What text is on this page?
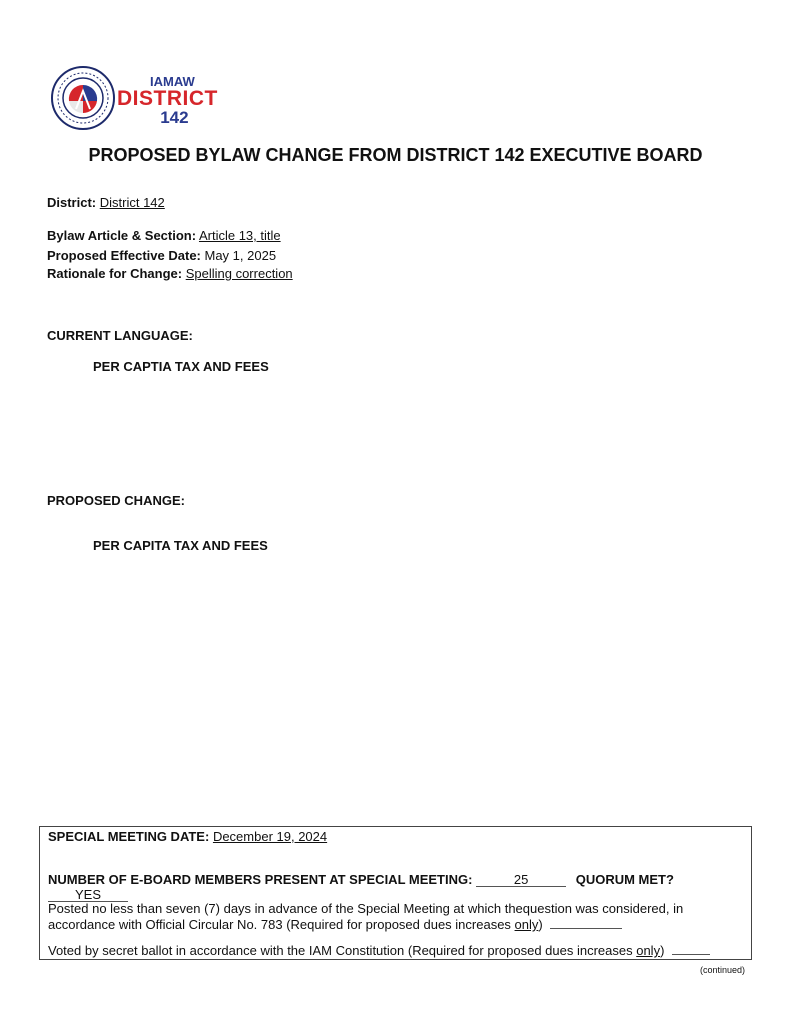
IAMAW
DISTRICT
142
PROPOSED BYLAW CHANGE FROM DISTRICT 142 EXECUTIVE BOARD
District: District 142
Bylaw Article & Section: Article 13, title
Proposed Effective Date: May 1, 2025
Rationale for Change: Spelling correction
CURRENT LANGUAGE:
PER CAPTIA TAX AND FEES
PROPOSED CHANGE:
PER CAPITA TAX AND FEES
SPECIAL MEETING DATE: December 19, 2024
NUMBER OF E-BOARD MEMBERS PRESENT AT SPECIAL MEETING:	25	QUORUM MET? YES
Posted no less than seven (7) days in advance of the Special Meeting at which thequestion was considered, in
accordance with Official Circular No. 783 (Required for proposed dues increases only)
Voted by secret ballot in accordance with the IAM Constitution (Required for proposed dues increases only)
(continued)
